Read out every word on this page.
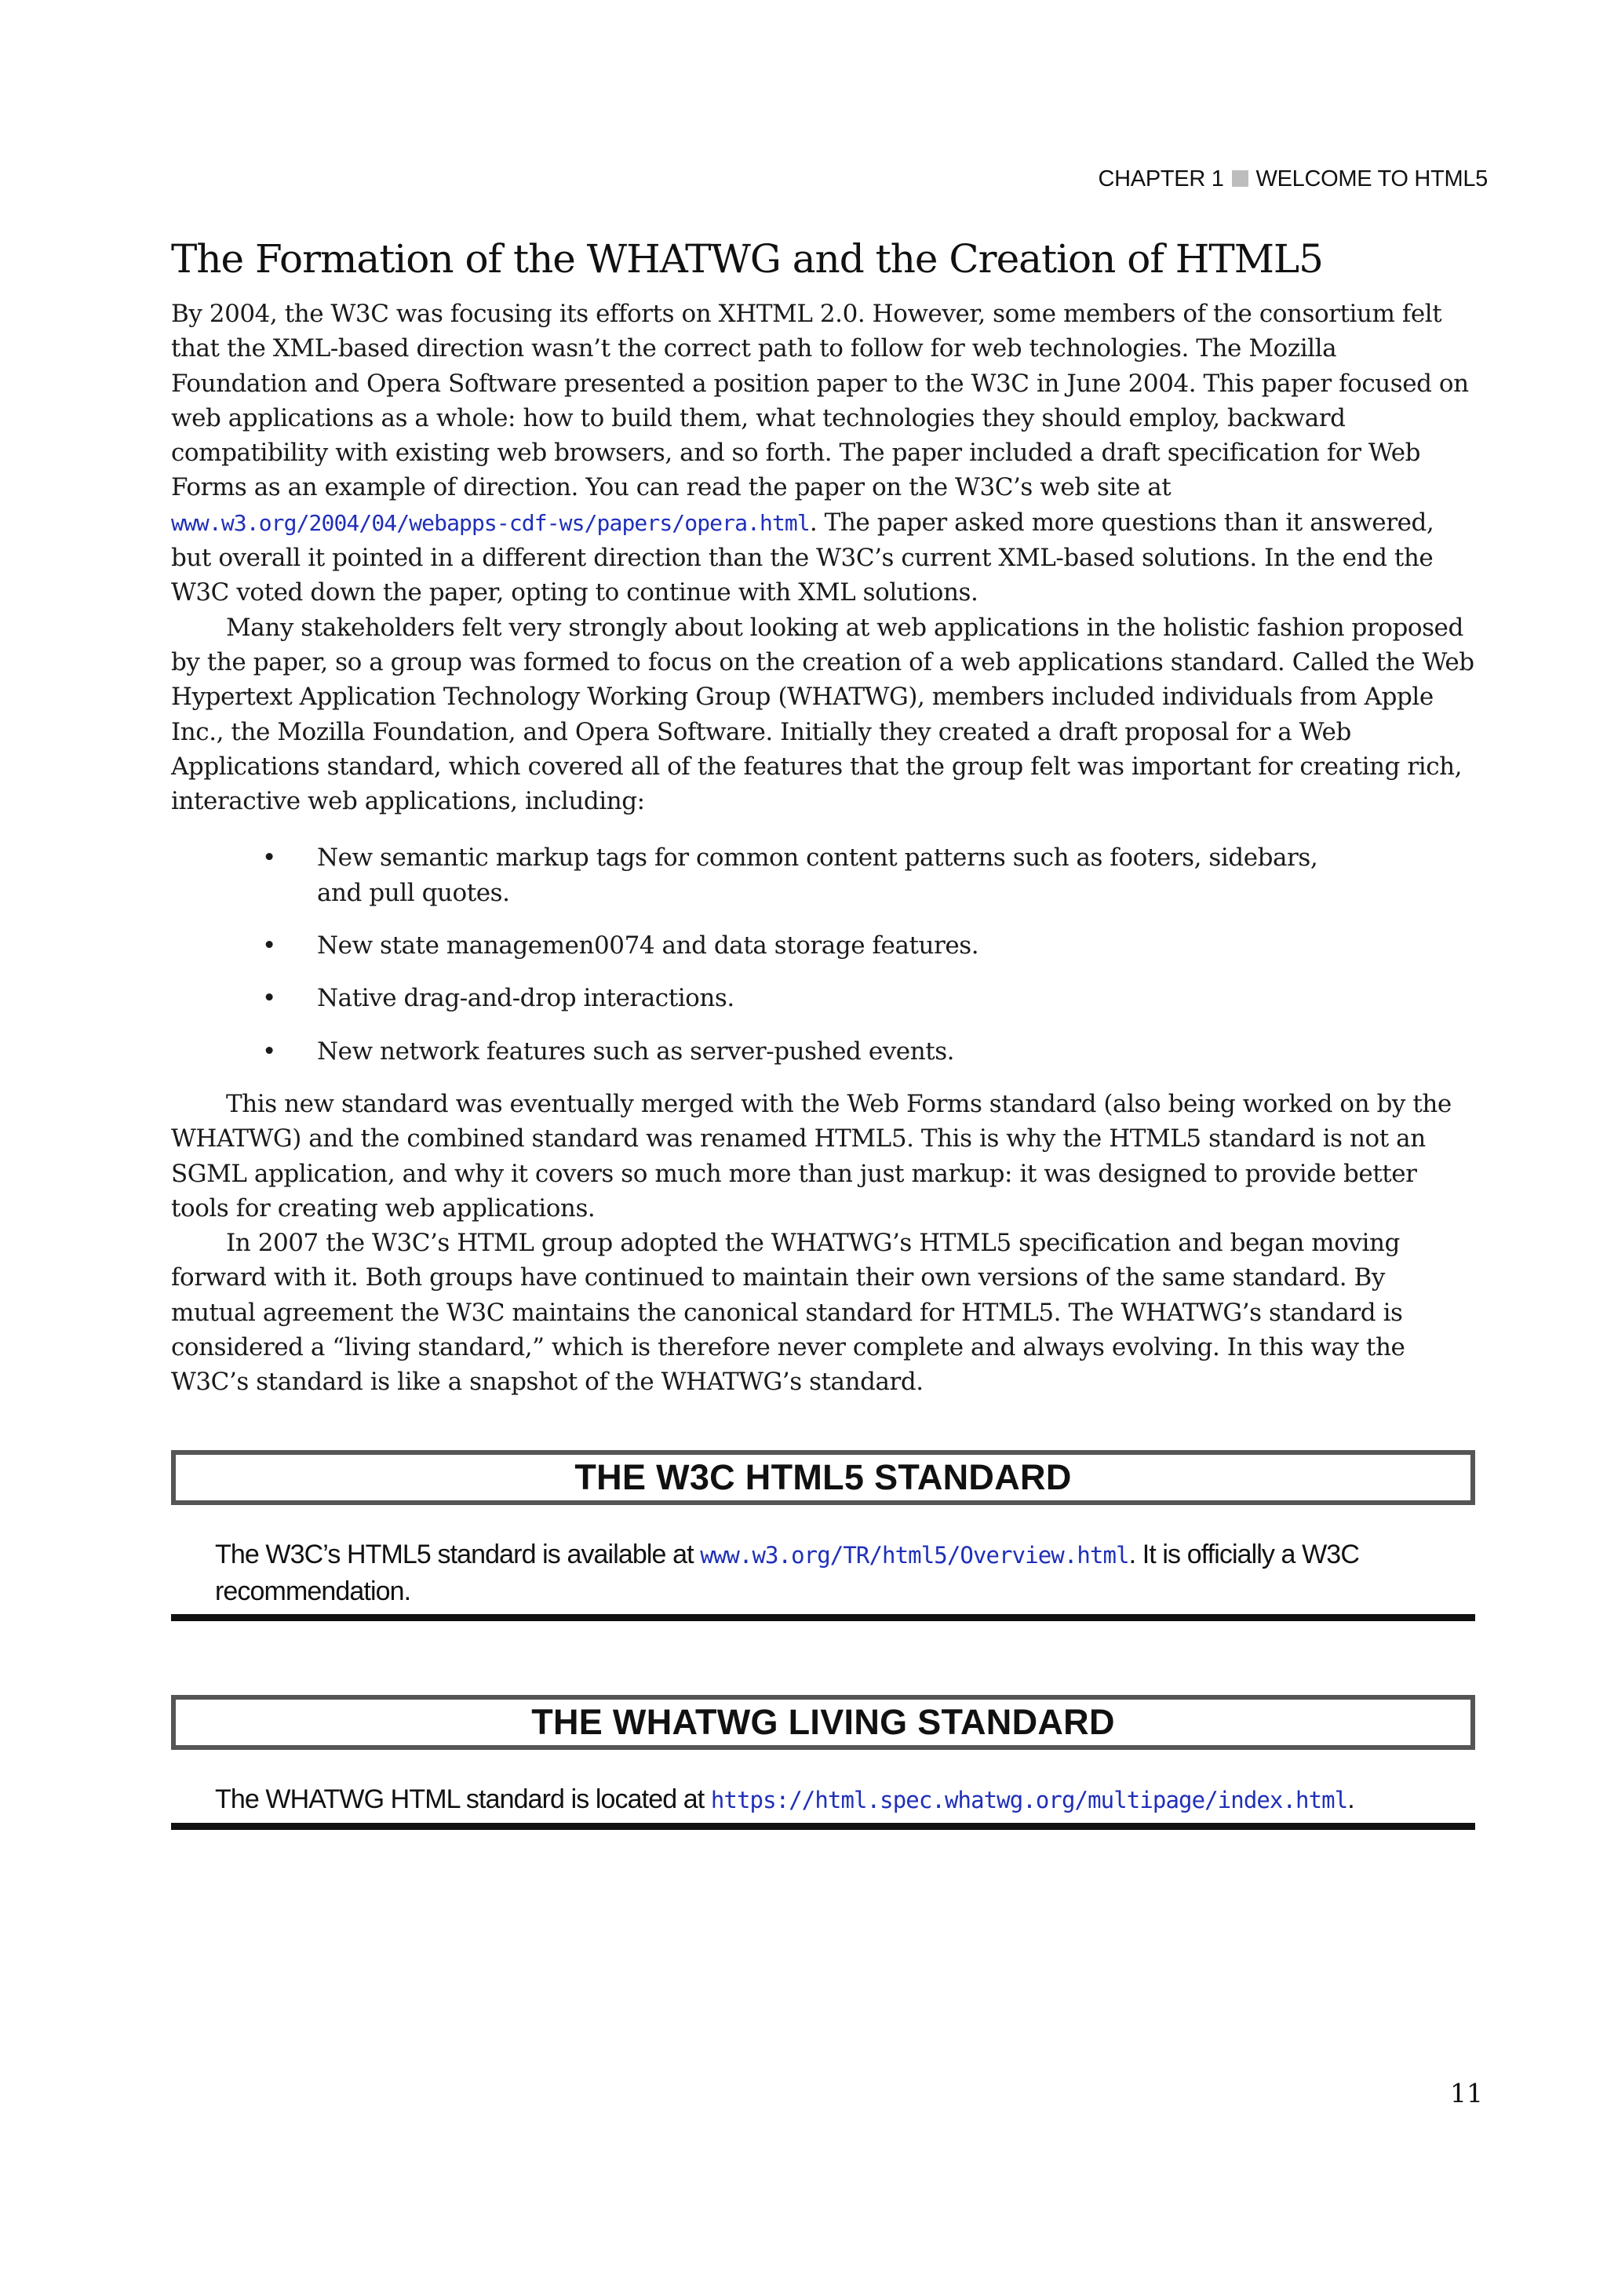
CHAPTER 1 WELCOME TO HTML5
The Formation of the WHATWG and the Creation of HTML5

By 2004, the W3C was focusing its efforts on XHTML 2.0. However, some members of the consortium felt that the XML-based direction wasn’t the correct path to follow for web technologies. The Mozilla Foundation and Opera Software presented a position paper to the W3C in June 2004. This paper focused on web applications as a whole: how to build them, what technologies they should employ, backward compatibility with existing web browsers, and so forth. The paper included a draft specification for Web Forms as an example of direction. You can read the paper on the W3C’s web site at www.w3.org/2004/04/webapps-cdf-ws/papers/opera.html. The paper asked more questions than it answered, but overall it pointed in a different direction than the W3C’s current XML-based solutions. In the end the W3C voted down the paper, opting to continue with XML solutions.

Many stakeholders felt very strongly about looking at web applications in the holistic fashion proposed by the paper, so a group was formed to focus on the creation of a web applications standard. Called the Web Hypertext Application Technology Working Group (WHATWG), members included individuals from Apple Inc., the Mozilla Foundation, and Opera Software. Initially they created a draft proposal for a Web Applications standard, which covered all of the features that the group felt was important for creating rich, interactive web applications, including:

• New semantic markup tags for common content patterns such as footers, sidebars, and pull quotes.
• New state managemen0074 and data storage features.
• Native drag-and-drop interactions.
• New network features such as server-pushed events.

This new standard was eventually merged with the Web Forms standard (also being worked on by the WHATWG) and the combined standard was renamed HTML5. This is why the HTML5 standard is not an SGML application, and why it covers so much more than just markup: it was designed to provide better tools for creating web applications.

In 2007 the W3C’s HTML group adopted the WHATWG’s HTML5 specification and began moving forward with it. Both groups have continued to maintain their own versions of the same standard. By mutual agreement the W3C maintains the canonical standard for HTML5. The WHATWG’s standard is considered a “living standard,” which is therefore never complete and always evolving. In this way the W3C’s standard is like a snapshot of the WHATWG’s standard.

THE W3C HTML5 STANDARD
The W3C’s HTML5 standard is available at www.w3.org/TR/html5/Overview.html. It is officially a W3C recommendation.
THE WHATWG LIVING STANDARD
The WHATWG HTML standard is located at https://html.spec.whatwg.org/multipage/index.html.
11
